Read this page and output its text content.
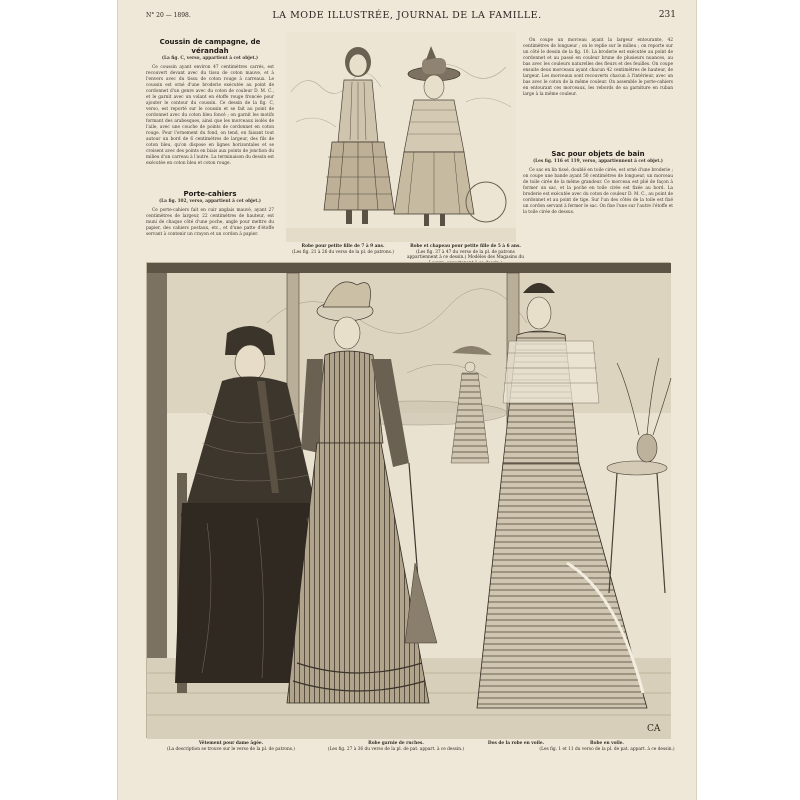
N° 20 — 1898.	LA MODE ILLUSTRÉE, JOURNAL DE LA FAMILLE.	231
Coussin de campagne, de vérandah
(La fig. C, verso, appartient à cet objet.)

Ce coussin ayant environ 47 centimètres carrés, est recouvert devant avec du tissu de coton mauve, et à l'envers avec du tissu de coton rouge à carreaux. Le coussin est orné d'une broderie exécutée au point de cordonnet d'un genre avec du coton de couleur D. M. C., et le garnit avec un volant en étoffe rouge froncée pour ajouter le contour du coussin. Ce dessin de la fig. C, verso, est reporté sur le coussin et se fait au point de cordonnet avec du coton bleu foncé ; on garnit les motifs formant des arabesques, ainsi que les morceaux isolés de l'aile, avec une couche de points de cordonnet en coton rouge. Pour l'ornement du fond, on tend, en faisant tout autour un bord de 6 centimètres de largeur, des fils de coton bleu, qu'on dispose en lignes horizontales et se croisent avec des points en biais aux points de jonction du milieu d'un carreau à l'autre. La terminaison du dessin est exécutée en coton bleu et coton rouge.

Porte-cahiers
(La fig. 102, verso, appartient à cet objet.)

Ce porte-cahiers fait en cuir anglais mauvé, ayant 27 centimètres de largeur, 22 centimètres de hauteur, est muni de chaque côté d'une poche, angle pour mettre du papier, des cahiers postaux, etc., et d'une patte d'étoffe servant à contenir un crayon et un cordon à papier.

On coupe un morceau ayant la largeur entourante, 42 centimètres de longueur ; on le replie sur le milieu ; on reporte sur un côté le dessin de la fig. 10. La broderie est exécutée au point de cordonnet et au passé en couleur brune de plusieurs nuances, au bas avec les couleurs naturelles des fleurs et des feuilles. On coupe ensuite deux morceaux ayant chacun 42 centimètres de hauteur, de largeur. Les morceaux sont recouverts chacun à l'intérieur, avec un bas avec le coton de la même couleur. On assemble le porte-cahiers en entourant ces morceaux, les rebords de sa garniture en ruban large à la même couleur.

Sac pour objets de bain
(Les fig. 116 et 119, verso, appartiennent à cet objet.)

Ce sac en lin tissé, doublé en toile cirée, est orné d'une broderie ; on coupe une bande ayant 50 centimètres de longueur, un morceau de toile cirée de la même grandeur. Ce morceau est plié de façon à former un sac, et la poche en toile cirée est fixée au bord. La broderie est exécutée avec du coton de couleur D. M. C., au point de cordonnet et au point de tige. Sur l'un des côtés de la toile est fixé un cordon servant à fermer le sac. On fixe l'une sur l'autre l'étoffe et la toile cirée de dessus.

Robe pour petite fille de 7 à 9 ans.
(Les fig. 21 à 26 du verso de la pl. de patrons.)
Robe et chapeau pour petite fille de 5 à 6 ans.
(Les fig. 37 à 47 du verso de la pl. de patrons appartiennent à ce dessin.) Modèles des Magasins du
CA
Vêtement pour dame âgée.
(La description se trouve sur le verso de la pl. de patrons.)
Robe garnie de ruches.
(Les fig. 27 à 36 du verso de la pl. de pat. appart. à ce dessin.)
Dos de la robe en voile.	Robe en voile.
(Les fig. 1 et 11 du verso de la pl. de pat. appart. à ce dessin.)
